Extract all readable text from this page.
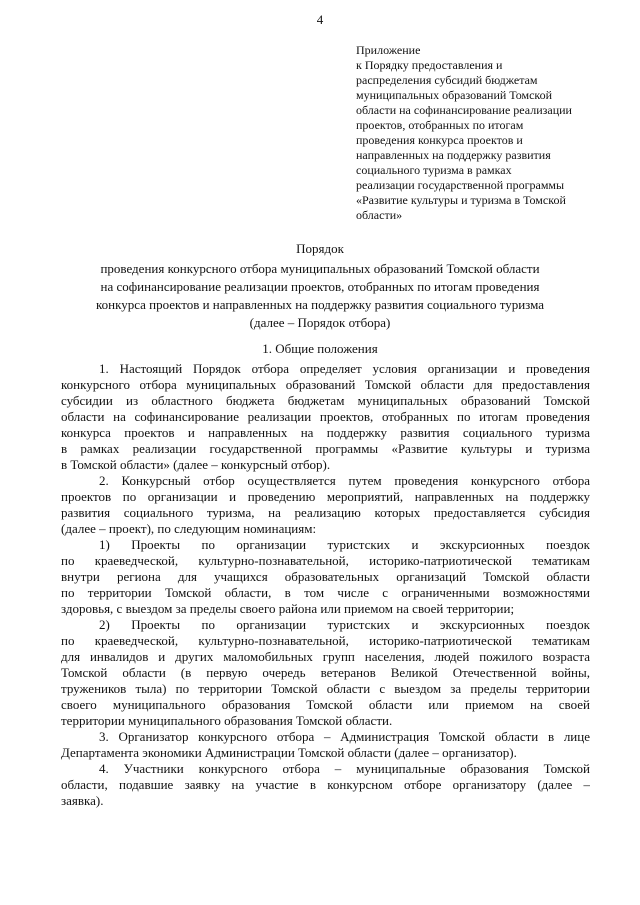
4
Приложение
к Порядку предоставления и
распределения субсидий бюджетам
муниципальных образований Томской
области на софинансирование реализации
проектов, отобранных по итогам
проведения конкурса проектов и
направленных на поддержку развития
социального туризма в рамках
реализации государственной программы
«Развитие культуры и туризма в Томской
области»
Порядок
проведения конкурсного отбора муниципальных образований Томской области
на софинансирование реализации проектов, отобранных по итогам проведения
конкурса проектов и направленных на поддержку развития социального туризма
(далее – Порядок отбора)
1. Общие положения
1. Настоящий Порядок отбора определяет условия организации и проведения
конкурсного отбора муниципальных образований Томской области для предоставления
субсидии из областного бюджета бюджетам муниципальных образований Томской
области на софинансирование реализации проектов, отобранных по итогам проведения
конкурса проектов и направленных на поддержку развития социального туризма
в рамках реализации государственной программы «Развитие культуры и туризма
в Томской области» (далее – конкурсный отбор).
2. Конкурсный отбор осуществляется путем проведения конкурсного отбора
проектов по организации и проведению мероприятий, направленных на поддержку
развития социального туризма, на реализацию которых предоставляется субсидия
(далее – проект), по следующим номинациям:
1) Проекты по организации туристских и экскурсионных поездок
по краеведческой, культурно-познавательной, историко-патриотической тематикам
внутри региона для учащихся образовательных организаций Томской области
по территории Томской области, в том числе с ограниченными возможностями
здоровья, с выездом за пределы своего района или приемом на своей территории;
2) Проекты по организации туристских и экскурсионных поездок
по краеведческой, культурно-познавательной, историко-патриотической тематикам
для инвалидов и других маломобильных групп населения, людей пожилого возраста
Томской области (в первую очередь ветеранов Великой Отечественной войны,
тружеников тыла) по территории Томской области с выездом за пределы территории
своего муниципального образования Томской области или приемом на своей
территории муниципального образования Томской области.
3. Организатор конкурсного отбора – Администрация Томской области в лице
Департамента экономики Администрации Томской области (далее – организатор).
4. Участники конкурсного отбора – муниципальные образования Томской
области, подавшие заявку на участие в конкурсном отборе организатору (далее –
заявка).
